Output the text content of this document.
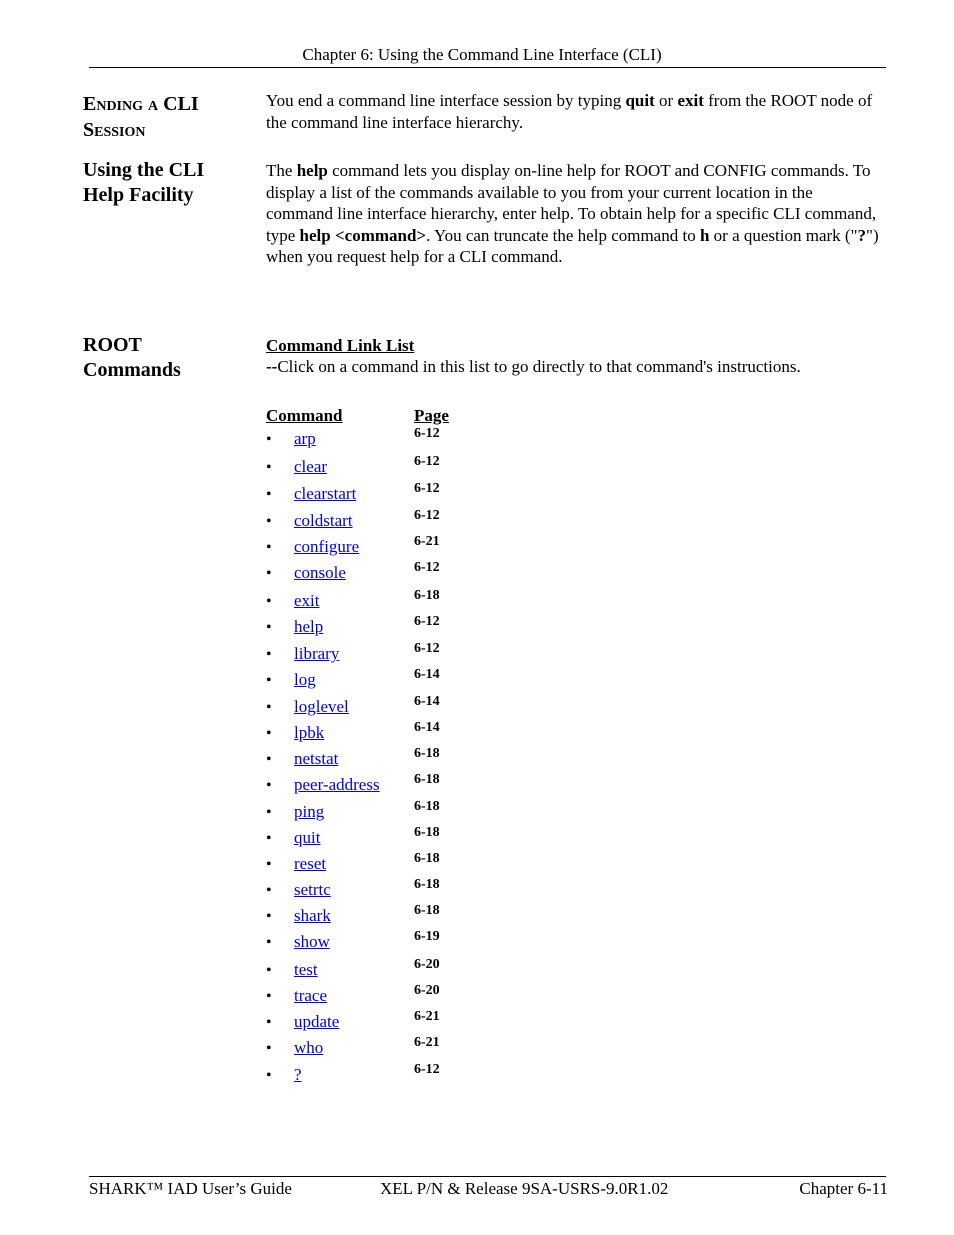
Chapter 6: Using the Command Line Interface (CLI)
Ending a CLI
Session
You end a command line interface session by typing quit or exit from the ROOT node of the command line interface hierarchy.
Using the CLI
Help Facility
The help command lets you display on-line help for ROOT and CONFIG commands. To display a list of the commands available to you from your current location in the command line interface hierarchy, enter help. To obtain help for a specific CLI command, type help <command>. You can truncate the help command to h or a question mark ("?") when you request help for a CLI command.
ROOT
Commands
Command Link List
--Click on a command in this list to go directly to that command's instructions.
Command	Page
• arp	6-12
• clear	6-12
• clearstart	6-12
• coldstart	6-12
• configure	6-21
• console	6-12
• exit	6-18
• help	6-12
• library	6-12
• log	6-14
• loglevel	6-14
• lpbk	6-14
• netstat	6-18
• peer-address 6-18
• ping	6-18
• quit	6-18
• reset	6-18
• setrtc	6-18
• shark	6-18
• show	6-19
• test	6-20
• trace	6-20
• update	6-21
• who	6-21
• ?	6-12
SHARK™ IAD User’s Guide	XEL P/N & Release 9SA-USRS-9.0R1.02	Chapter 6-11
